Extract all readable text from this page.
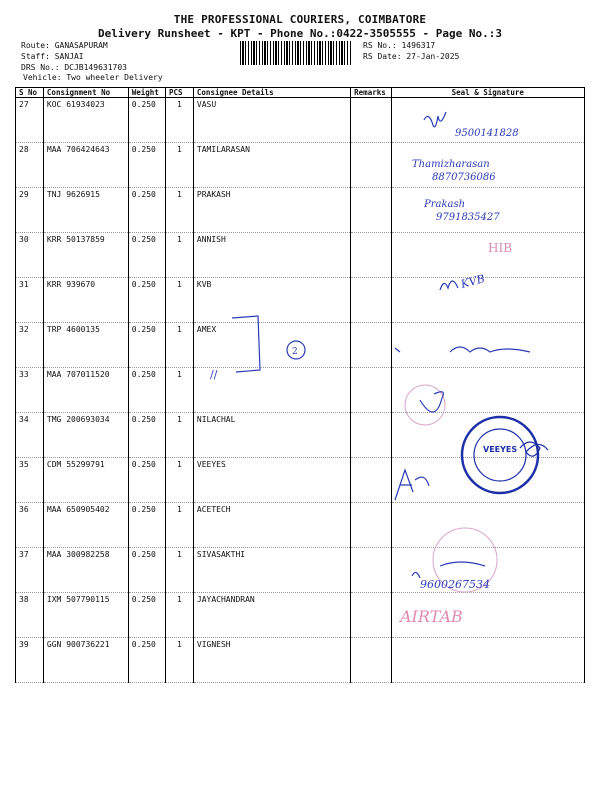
THE PROFESSIONAL COURIERS, COIMBATORE
Delivery Runsheet - KPT - Phone No.:0422-3505555 - Page No.:3
Route: GANASAPURAM
Staff: SANJAI
DRS No.: DCJB149631703
Vehicle: Two wheeler Delivery
RS No.: 1496317
RS Date: 27-Jan-2025
S No	Consignment No	Weight	PCS	Consignee Details	Remarks	Seal & Signature
27	KOC 61934023	0.250	1	VASU		
28	MAA 706424643	0.250	1	TAMILARASAN		
29	TNJ 9626915	0.250	1	PRAKASH		
30	KRR 50137859	0.250	1	ANNISH		
31	KRR 939670	0.250	1	KVB		
32	TRP 4600135	0.250	1	AMEX		
33	MAA 707011520	0.250	1			
34	TMG 200693034	0.250	1	NILACHAL		
35	CDM 55299791	0.250	1	VEEYES		
36	MAA 650905402	0.250	1	ACETECH		
37	MAA 300982258	0.250	1	SIVASAKTHI		
38	IXM 507790115	0.250	1	JAYACHANDRAN		
39	GGN 900736221	0.250	1	VIGNESH		
9500141828
Thamizharasan
8870736086
Prakash
9791835427
HIB
KVB
2
//
VEEYES
9600267534
AIRTAB
